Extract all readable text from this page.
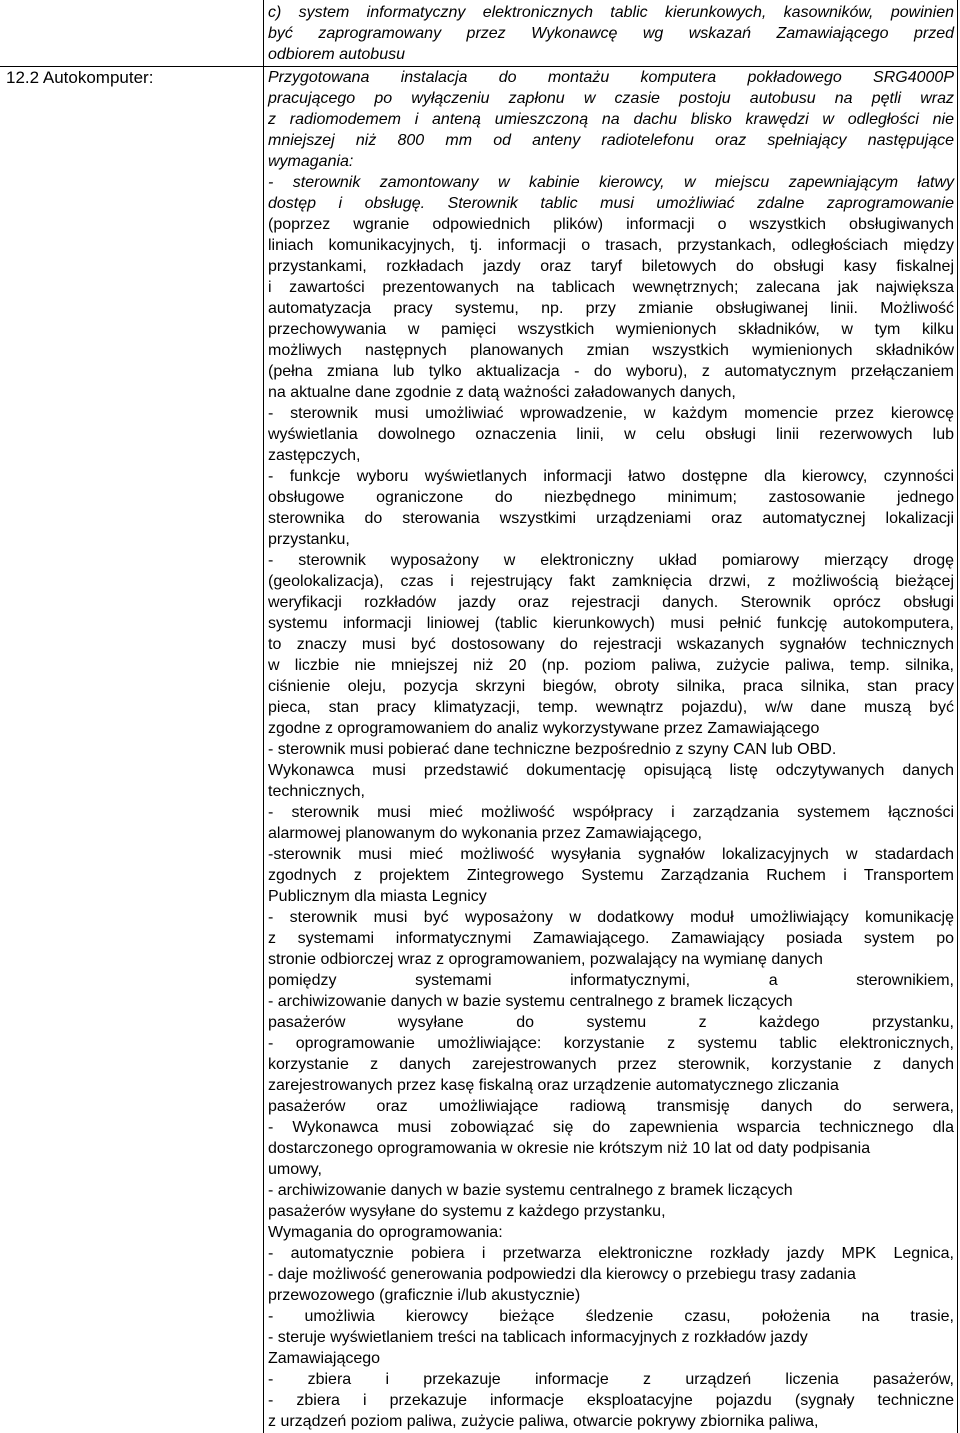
12.2 Autokomputer:

c) system informatyczny elektronicznych tablic kierunkowych, kasowników, powinien

być zaprogramowany przez Wykonawcę wg wskazań Zamawiającego przed

odbiorem autobusu

Przygotowana instalacja do montażu komputera pokładowego SRG4000P

pracującego po wyłączeniu zapłonu w czasie postoju autobusu na pętli wraz

z radiomodemem i anteną umieszczoną na dachu blisko krawędzi w odległości nie

mniejszej niż 800 mm od anteny radiotelefonu oraz spełniający następujące

wymagania:

- sterownik zamontowany w kabinie kierowcy, w miejscu zapewniającym łatwy

dostęp i obsługę. Sterownik tablic musi umożliwiać zdalne zaprogramowanie

(poprzez wgranie odpowiednich plików) informacji o wszystkich obsługiwanych

liniach komunikacyjnych, tj. informacji o trasach, przystankach, odległościach między

przystankami, rozkładach jazdy oraz taryf biletowych do obsługi kasy fiskalnej

i zawartości prezentowanych na tablicach wewnętrznych; zalecana jak największa

automatyzacja pracy systemu, np. przy zmianie obsługiwanej linii. Możliwość

przechowywania w pamięci wszystkich wymienionych składników, w tym kilku

możliwych następnych planowanych zmian wszystkich wymienionych składników

(pełna zmiana lub tylko aktualizacja - do wyboru), z automatycznym przełączaniem

na aktualne dane zgodnie z datą ważności załadowanych danych,

- sterownik musi umożliwiać wprowadzenie, w każdym momencie przez kierowcę

wyświetlania dowolnego oznaczenia linii, w celu obsługi linii rezerwowych lub

zastępczych,

- funkcje wyboru wyświetlanych informacji łatwo dostępne dla kierowcy, czynności

obsługowe ograniczone do niezbędnego minimum; zastosowanie jednego

sterownika do sterowania wszystkimi urządzeniami oraz automatycznej lokalizacji

przystanku,

- sterownik wyposażony w elektroniczny układ pomiarowy mierzący drogę

(geolokalizacja), czas i rejestrujący fakt zamknięcia drzwi, z możliwością bieżącej

weryfikacji rozkładów jazdy oraz rejestracji danych. Sterownik oprócz obsługi

systemu informacji liniowej (tablic kierunkowych) musi pełnić funkcję autokomputera,

to znaczy musi być dostosowany do rejestracji wskazanych sygnałów technicznych

w liczbie nie mniejszej niż 20 (np. poziom paliwa, zużycie paliwa, temp. silnika,

ciśnienie oleju, pozycja skrzyni biegów, obroty silnika, praca silnika, stan pracy

pieca, stan pracy klimatyzacji, temp. wewnątrz pojazdu), w/w dane muszą być

zgodne z oprogramowaniem do analiz wykorzystywane przez Zamawiającego

- sterownik musi pobierać dane techniczne bezpośrednio z szyny CAN lub OBD.

Wykonawca musi przedstawić dokumentację opisującą listę odczytywanych danych

technicznych,

- sterownik musi mieć możliwość współpracy i zarządzania systemem łączności

alarmowej planowanym do wykonania przez Zamawiającego,

-sterownik musi mieć możliwość wysyłania sygnałów lokalizacyjnych w stadardach

zgodnych z projektem Zintegrowego Systemu Zarządzania Ruchem i Transportem

Publicznym dla miasta Legnicy

- sterownik musi być wyposażony w dodatkowy moduł umożliwiający komunikację

z systemami informatycznymi Zamawiającego. Zamawiający posiada system po

stronie odbiorczej wraz z oprogramowaniem, pozwalający na wymianę danych

pomiędzy systemami informatycznymi, a sterownikiem,

- archiwizowanie danych w bazie systemu centralnego z bramek liczących

pasażerów wysyłane do systemu z każdego przystanku,

- oprogramowanie umożliwiające: korzystanie z systemu tablic elektronicznych,

korzystanie z danych zarejestrowanych przez sterownik, korzystanie z danych

zarejestrowanych przez kasę fiskalną oraz urządzenie automatycznego zliczania

pasażerów oraz umożliwiające radiową transmisję danych do serwera,

- Wykonawca musi zobowiązać się do zapewnienia wsparcia technicznego dla

dostarczonego oprogramowania w okresie nie krótszym niż 10 lat od daty podpisania

umowy,

- archiwizowanie danych w bazie systemu centralnego z bramek liczących

pasażerów wysyłane do systemu z każdego przystanku,

Wymagania do oprogramowania:

- automatycznie pobiera i przetwarza elektroniczne rozkłady jazdy MPK Legnica,

- daje możliwość generowania podpowiedzi dla kierowcy o przebiegu trasy zadania

przewozowego (graficznie i/lub akustycznie)

- umożliwia kierowcy bieżące śledzenie czasu, położenia na trasie,

- steruje wyświetlaniem treści na tablicach informacyjnych z rozkładów jazdy

Zamawiającego

- zbiera i przekazuje informacje z urządzeń liczenia pasażerów,

- zbiera i przekazuje informacje eksploatacyjne pojazdu (sygnały techniczne

z urządzeń poziom paliwa, zużycie paliwa, otwarcie pokrywy zbiornika paliwa,
